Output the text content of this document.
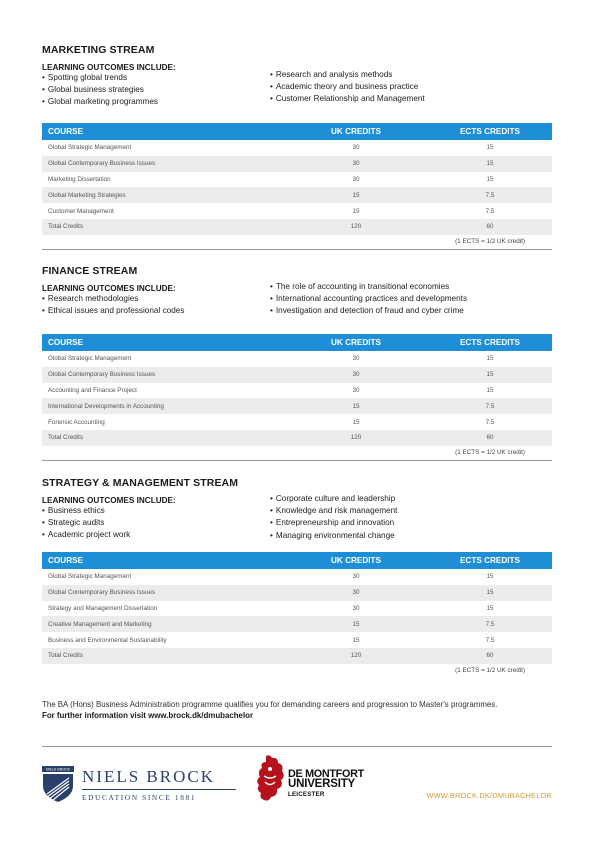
MARKETING STREAM
LEARNING OUTCOMES INCLUDE:
• Spotting global trends
• Global business strategies
• Global marketing programmes
• Research and analysis methods
• Academic theory and business practice
• Customer Relationship and Management
COURSE	UK CREDITS	ECTS CREDITS
Global Strategic Management	30	15
Global Contemporary Business Issues	30	15
Marketing Dissertation	30	15
Global Marketing Strategies	15	7.5
Customer Management	15	7.5
Total Credits	120	60
(1 ECTS = 1/2 UK credit)
FINANCE STREAM
LEARNING OUTCOMES INCLUDE:
• Research methodologies
• Ethical issues and professional codes
• The role of accounting in transitional economies
• International accounting practices and developments
• Investigation and detection of fraud and cyber crime
COURSE	UK CREDITS	ECTS CREDITS
Global Strategic Management	30	15
Global Contemporary Business Issues	30	15
Accounting and Finance Project	30	15
International Developments in Accounting	15	7.5
Forensic Accounting	15	7.5
Total Credits	120	60
(1 ECTS = 1/2 UK credit)
STRATEGY & MANAGEMENT STREAM
LEARNING OUTCOMES INCLUDE:
• Business ethics
• Strategic audits
• Academic project work
• Corporate culture and leadership
• Knowledge and risk management
• Entrepreneurship and innovation
• Managing environmental change
COURSE	UK CREDITS	ECTS CREDITS
Global Strategic Management	30	15
Global Contemporary Business Issues	30	15
Strategy and Management Dissertation	30	15
Creative Management and Marketing	15	7.5
Business and Environmental Sustainability	15	7.5
Total Credits	120	60
(1 ECTS = 1/2 UK credit)

The BA (Hons) Business Administration programme qualifies you for demanding careers and progression to Master's programmes.

For further information visit www.brock.dk/dmubachelor

NIELS BROCK NIELS BROCK
EDUCATION SINCE 1881
DE MONTFORT
UNIVERSITY
LEICESTER	WWW.BROCK.DK/DMUBACHELOR
